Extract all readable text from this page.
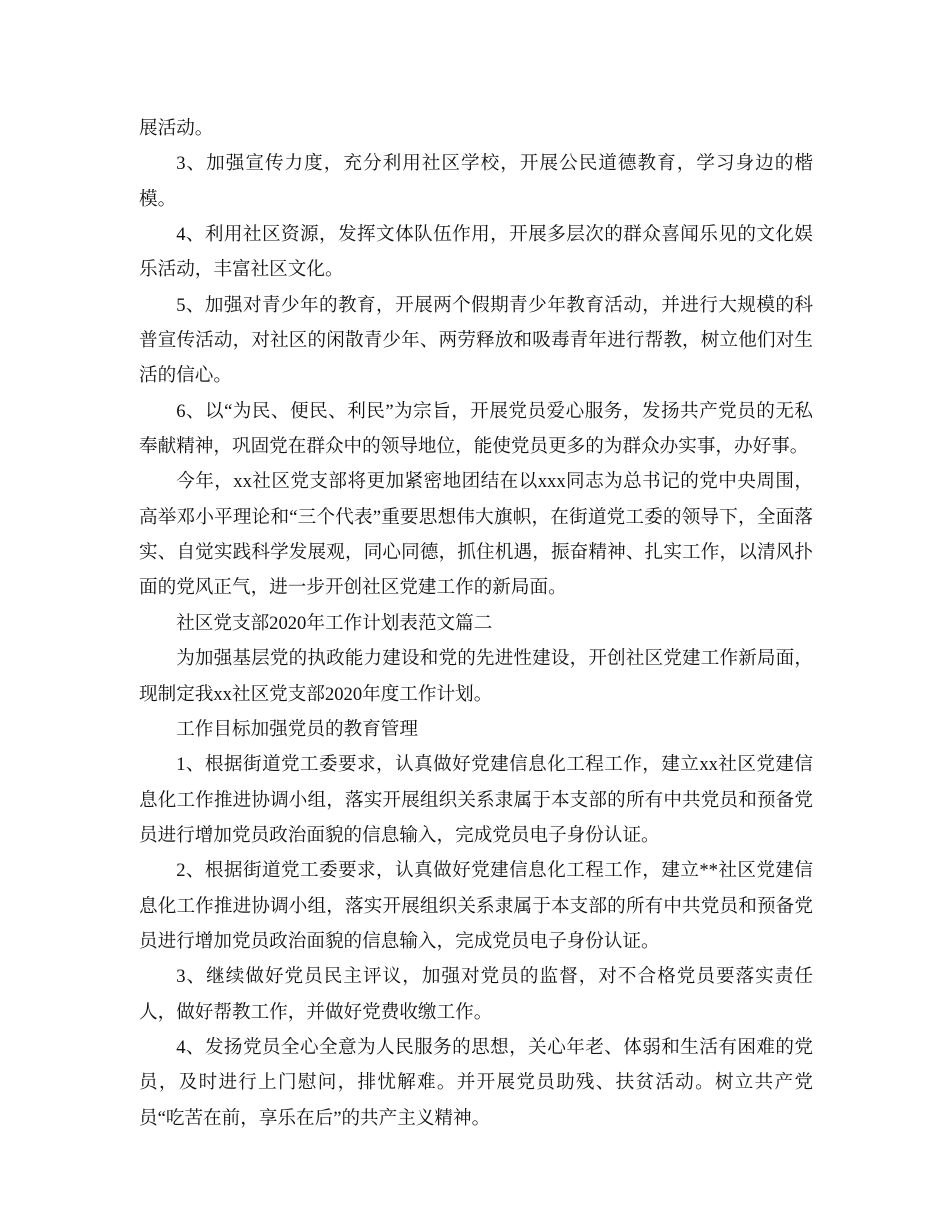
展活动。

3、加强宣传力度，充分利用社区学校，开展公民道德教育，学习身边的楷模。

4、利用社区资源，发挥文体队伍作用，开展多层次的群众喜闻乐见的文化娱乐活动，丰富社区文化。

5、加强对青少年的教育，开展两个假期青少年教育活动，并进行大规模的科普宣传活动，对社区的闲散青少年、两劳释放和吸毒青年进行帮教，树立他们对生活的信心。

6、以“为民、便民、利民”为宗旨，开展党员爱心服务，发扬共产党员的无私奉献精神，巩固党在群众中的领导地位，能使党员更多的为群众办实事，办好事。

今年，xx社区党支部将更加紧密地团结在以xxx同志为总书记的党中央周围，高举邓小平理论和“三个代表”重要思想伟大旗帜，在街道党工委的领导下，全面落实、自觉实践科学发展观，同心同德，抓住机遇，振奋精神、扎实工作，以清风扑面的党风正气，进一步开创社区党建工作的新局面。

社区党支部2020年工作计划表范文篇二

为加强基层党的执政能力建设和党的先进性建设，开创社区党建工作新局面，现制定我xx社区党支部2020年度工作计划。

工作目标加强党员的教育管理

1、根据街道党工委要求，认真做好党建信息化工程工作，建立xx社区党建信息化工作推进协调小组，落实开展组织关系隶属于本支部的所有中共党员和预备党员进行增加党员政治面貌的信息输入，完成党员电子身份认证。

2、根据街道党工委要求，认真做好党建信息化工程工作，建立**社区党建信息化工作推进协调小组，落实开展组织关系隶属于本支部的所有中共党员和预备党员进行增加党员政治面貌的信息输入，完成党员电子身份认证。

3、继续做好党员民主评议，加强对党员的监督，对不合格党员要落实责任人，做好帮教工作，并做好党费收缴工作。

4、发扬党员全心全意为人民服务的思想，关心年老、体弱和生活有困难的党员，及时进行上门慰问，排忧解难。并开展党员助残、扶贫活动。树立共产党员“吃苦在前，享乐在后”的共产主义精神。
